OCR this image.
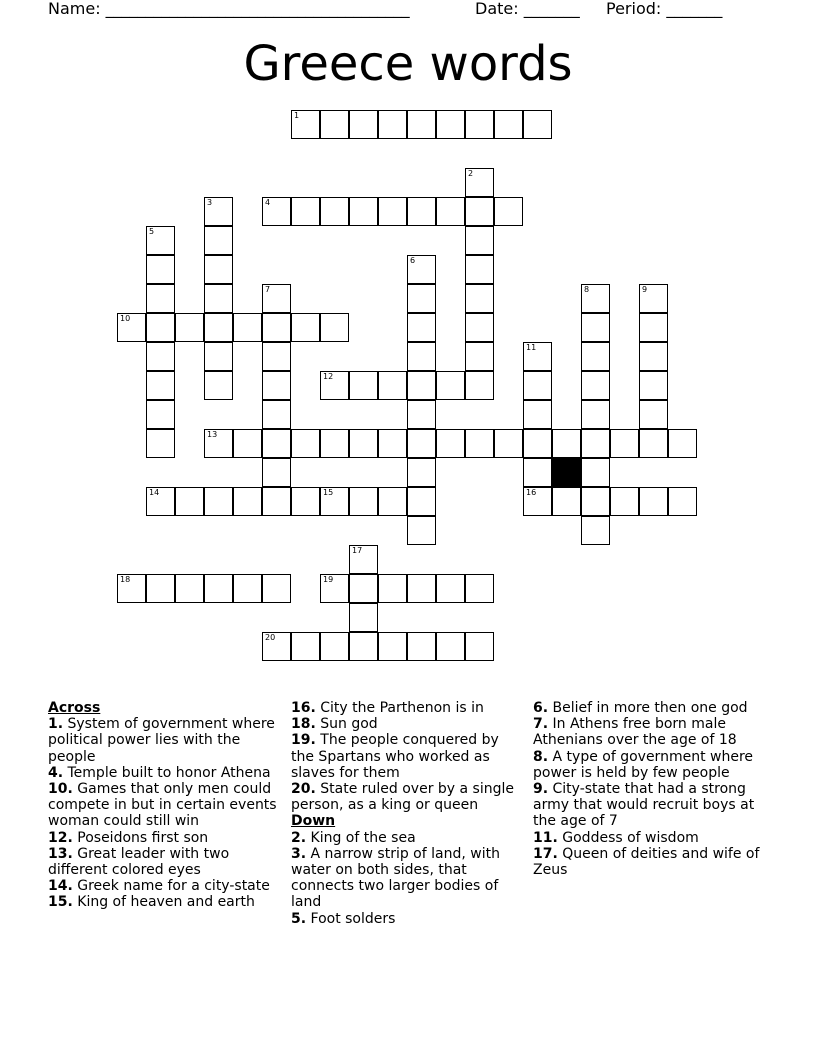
Name: ______________________________________	Date: _______ Period: _______
Greece words
1
2
3	4
5
6
7	8	9
10
11
16
12
13
14	15
17
18	19
20
Across
1. System of government where political power lies with the people
4. Temple built to honor Athena
10. Games that only men could compete in but in certain events woman could still win
12. Poseidons first son
13. Great leader with two different colored eyes
14. Greek name for a city-state
15. King of heaven and earth
16. City the Parthenon is in
18. Sun god
19. The people conquered by the Spartans who worked as slaves for them
20. State ruled over by a single person, as a king or queen
Down
2. King of the sea
3. A narrow strip of land, with water on both sides, that connects two larger bodies of land
5. Foot solders
6. Belief in more then one god
7. In Athens free born male Athenians over the age of 18
8. A type of government where power is held by few people
9. City-state that had a strong army that would recruit boys at the age of 7
11. Goddess of wisdom
17. Queen of deities and wife of Zeus
